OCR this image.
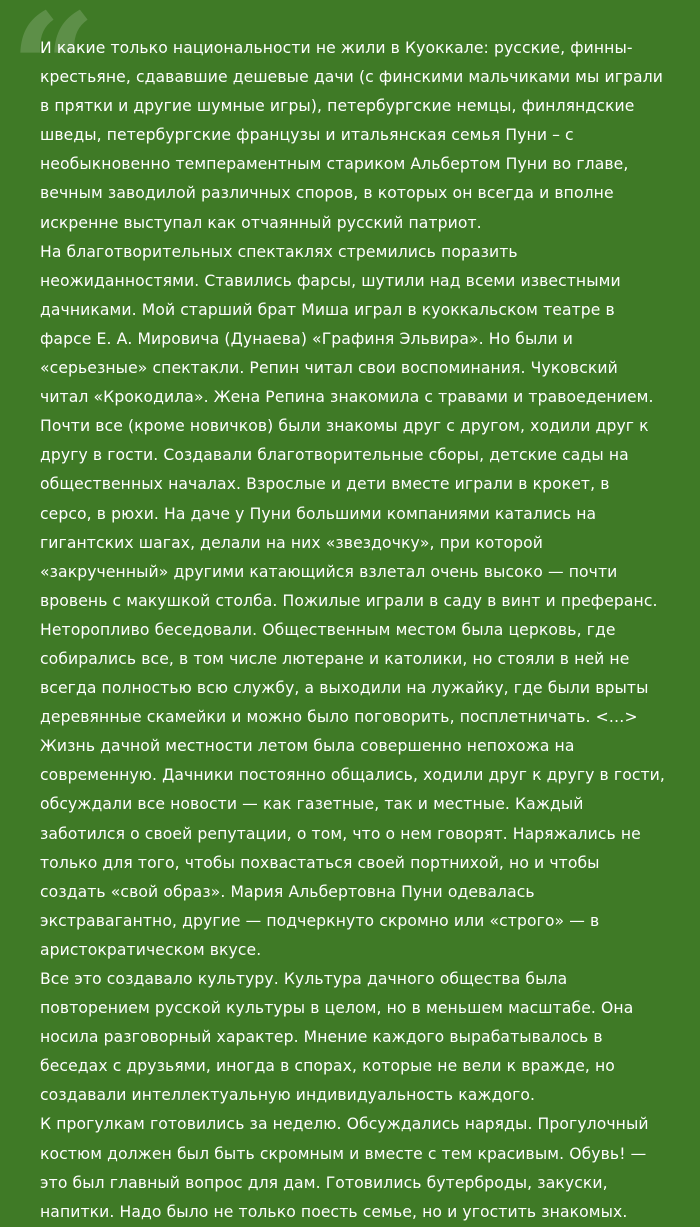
“

И какие только национальности не жили в Куоккале: русские, финны-крестьяне, сдававшие дешевые дачи (с финскими мальчиками мы играли в прятки и другие шумные игры), петербургские немцы, финляндские шведы, петербургские французы и итальянская семья Пуни – с необыкновенно темпераментным стариком Альбертом Пуни во главе, вечным заводилой различных споров, в которых он всегда и вполне искренне выступал как отчаянный русский патриот.

На благотворительных спектаклях стремились поразить неожиданностями. Ставились фарсы, шутили над всеми известными дачниками. Мой старший брат Миша играл в куоккальском театре в фарсе Е. А. Мировича (Дунаева) «Графиня Эльвира». Но были и «серьезные» спектакли. Репин читал свои воспоминания. Чуковский читал «Крокодила». Жена Репина знакомила с травами и травоедением.

Почти все (кроме новичков) были знакомы друг с другом, ходили друг к другу в гости. Создавали благотворительные сборы, детские сады на общественных началах. Взрослые и дети вместе играли в крокет, в серсо, в рюхи. На даче у Пуни большими компаниями катались на гигантских шагах, делали на них «звездочку», при которой «закрученный» другими катающийся взлетал очень высоко — почти вровень с макушкой столба. Пожилые играли в саду в винт и преферанс. Неторопливо беседовали. Общественным местом была церковь, где собирались все, в том числе лютеране и католики, но стояли в ней не всегда полностью всю службу, а выходили на лужайку, где были врыты деревянные скамейки и можно было поговорить, посплетничать. <…>

Жизнь дачной местности летом была совершенно непохожа на современную. Дачники постоянно общались, ходили друг к другу в гости, обсуждали все новости — как газетные, так и местные. Каждый заботился о своей репутации, о том, что о нем говорят. Наряжались не только для того, чтобы похвастаться своей портнихой, но и чтобы создать «свой образ». Мария Альбертовна Пуни одевалась экстравагантно, другие — подчеркнуто скромно или «строго» — в аристократическом вкусе.

Все это создавало культуру. Культура дачного общества была повторением русской культуры в целом, но в меньшем масштабе. Она носила разговорный характер. Мнение каждого вырабатывалось в беседах с друзьями, иногда в спорах, которые не вели к вражде, но создавали интеллектуальную индивидуальность каждого.

К прогулкам готовились за неделю. Обсуждались наряды. Прогулочный костюм должен был быть скромным и вместе с тем красивым. Обувь! — это был главный вопрос для дам. Готовились бутерброды, закуски, напитки. Надо было не только поесть семье, но и угостить знакомых.
